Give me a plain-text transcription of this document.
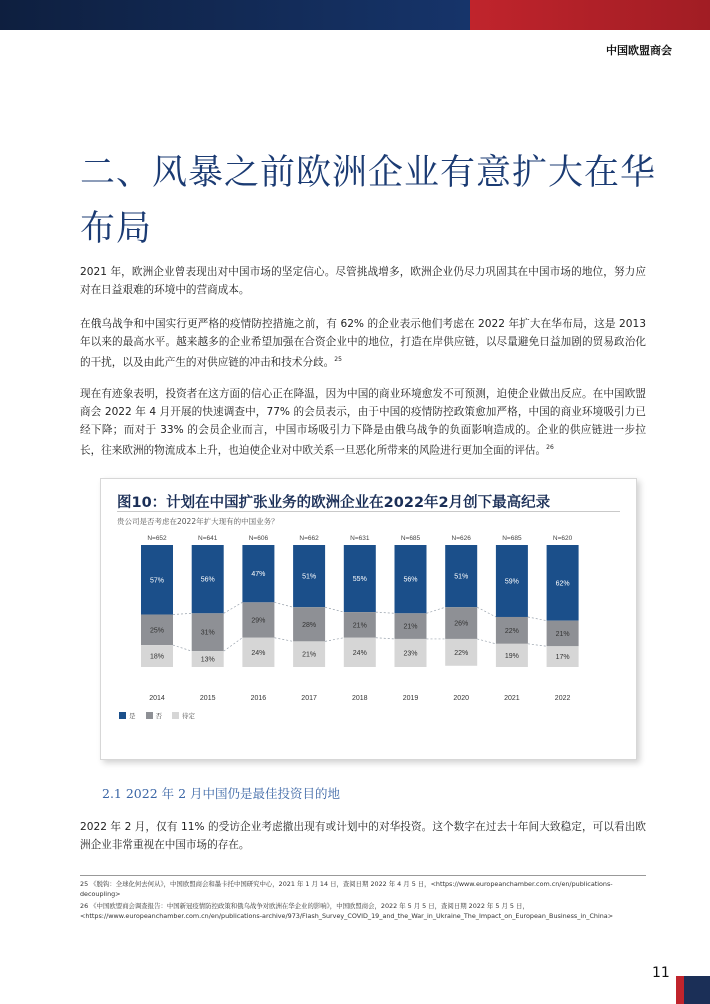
中国欧盟商会
二、风暴之前欧洲企业有意扩大在华布局

2021 年，欧洲企业曾表现出对中国市场的坚定信心。尽管挑战增多，欧洲企业仍尽力巩固其在中国市场的地位，努力应对在日益艰难的环境中的营商成本。

在俄乌战争和中国实行更严格的疫情防控措施之前，有 62% 的企业表示他们考虑在 2022 年扩大在华布局，这是 2013 年以来的最高水平。越来越多的企业希望加强在合资企业中的地位，打造在岸供应链，以尽量避免日益加剧的贸易政治化的干扰，以及由此产生的对供应链的冲击和技术分歧。$^{25}$

现在有迹象表明，投资者在这方面的信心正在降温，因为中国的商业环境愈发不可预测，迫使企业做出反应。在中国欧盟商会 2022 年 4 月开展的快速调查中，77% 的会员表示，由于中国的疫情防控政策愈加严格，中国的商业环境吸引力已经下降；而对于 33% 的会员企业而言，中国市场吸引力下降是由俄乌战争的负面影响造成的。企业的供应链进一步拉长，往来欧洲的物流成本上升，也迫使企业对中欧关系一旦恶化所带来的风险进行更加全面的评估。$^{26}$

图10：计划在中国扩张业务的欧洲企业在2022年2月创下最高纪录
贵公司是否考虑在2022年扩大现有的中国业务？
57%
25%
18%
N=652
2014
56%
31%
13%
N=641
2015
47%
29%
24%
N=606
2016
51%
28%
21%
N=662
2017
55%
21%
24%
N=631
2018
56%
21%
23%
N=685
2019
51%
26%
22%
N=626
2020
59%
22%
19%
N=685
2021
62%
21%
17%
N=620
2022
是	否	待定
2.1 2022 年 2 月中国仍是最佳投资目的地

2022 年 2 月，仅有 11% 的受访企业考虑撤出现有或计划中的对华投资。这个数字在过去十年间大致稳定，可以看出欧洲企业非常重视在中国市场的存在。

25 《脱钩：全球化何去何从》，中国欧盟商会和墨卡托中国研究中心，2021 年 1 月 14 日，查阅日期 2022 年 4 月 5 日，<https://www.europeanchamber.com.cn/en/publications-decoupling>

26 《中国欧盟商会调查报告：中国新冠疫情防控政策和俄乌战争对欧洲在华企业的影响》，中国欧盟商会，2022 年 5 月 5 日，查阅日期 2022 年 5 月 5 日，<https://www.europeanchamber.com.cn/en/publications-archive/973/Flash_Survey_COVID_19_and_the_War_in_Ukraine_The_Impact_on_European_Business_in_China>

11
